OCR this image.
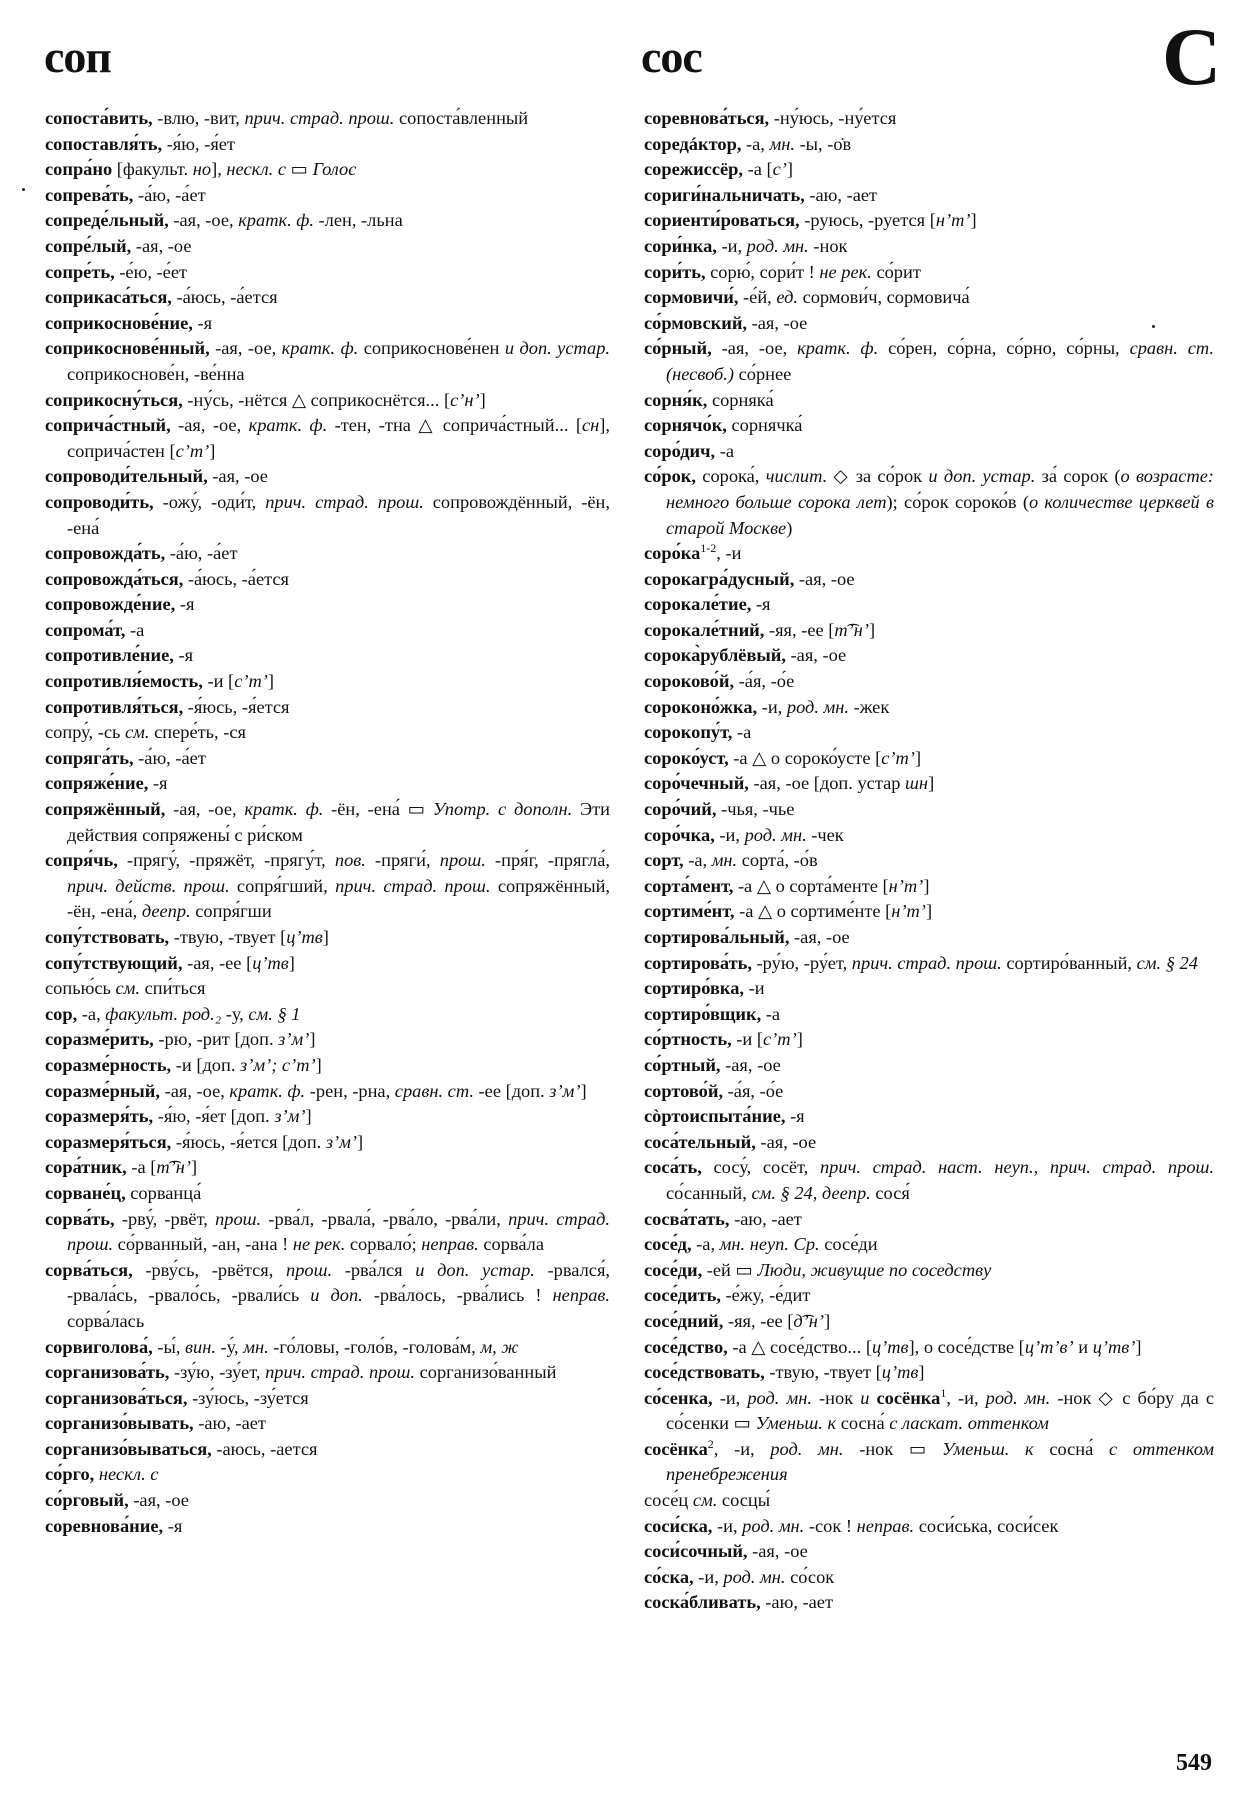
соп	сос	С

сопоста́вить, -влю, -вит, прич. страд. прош. сопоста́вленный

сопоставля́ть, -я́ю, -я́ет

сопра́но [факульт. но], нескл. с ▭ Голос

сопрева́ть, -а́ю, -а́ет

сопреде́льный, -ая, -ое, кратк. ф. -лен, -льна

сопре́лый, -ая, -ое

сопре́ть, -е́ю, -е́ет

соприкаса́ться, -а́юсь, -а́ется

соприкоснове́ние, -я

соприкоснове́нный, -ая, -ое, кратк. ф. соприкоснове́нен и доп. устар. соприкоснове́н, -ве́нна

соприкосну́ться, -ну́сь, -нётся △ соприкоснётся... [сʼнʼ]

соприча́стный, -ая, -ое, кратк. ф. -тен, -тна △ соприча́стный... [сн], соприча́стен [сʼтʼ]

сопроводи́тельный, -ая, -ое

сопроводи́ть, -ожу́, -оди́т, прич. страд. прош. сопровождённый, -ён, -ена́

сопровожда́ть, -а́ю, -а́ет

сопровожда́ться, -а́юсь, -а́ется

сопровожде́ние, -я

сопрома́т, -а

сопротивле́ние, -я

сопротивля́емость, -и [сʼтʼ]

сопротивля́ться, -я́юсь, -я́ется

сопру́, -сь см. спере́ть, -ся

сопряга́ть, -а́ю, -а́ет

сопряже́ние, -я

сопряжённый, -ая, -ое, кратк. ф. -ён, -ена́ ▭ Употр. с дополн. Эти действия сопряжены́ с ри́ском

сопря́чь, -прягу́, -пряжёт, -прягу́т, пов. -пряги́, прош. -пря́г, -прягла́, прич. действ. прош. сопря́гший, прич. страд. прош. сопряжённый, -ён, -ена́, деепр. сопря́гши

сопу́тствовать, -твую, -твует [цʼтв]

сопу́тствующий, -ая, -ее [цʼтв]

сопью́сь см. спи́ться

сор, -а, факульт. род.₂ -у, см. § 1

соразме́рить, -рю, -рит [доп. зʼмʼ]

соразме́рность, -и [доп. зʼмʼ; сʼтʼ]

соразме́рный, -ая, -ое, кратк. ф. -рен, -рна, сравн. ст. -ее [доп. зʼмʼ]

соразмеря́ть, -я́ю, -я́ет [доп. зʼмʼ]

соразмеря́ться, -я́юсь, -я́ется [доп. зʼмʼ]

сора́тник, -а [т͡ʼнʼ]

сорване́ц, сорванца́

сорва́ть, -рву́, -рвёт, прош. -рва́л, -рвала́, -рва́ло, -рва́ли, прич. страд. прош. со́рванный, -ан, -ана ! не рек. сорвало́; неправ. сорва́ла

сорва́ться, -рву́сь, -рвётся, прош. -рва́лся и доп. устар. -рвался́, -рвала́сь, -рвало́сь, -рвали́сь и доп. -рва́лось, -рва́лись ! неправ. сорва́лась

сорвиголова́, -ы́, вин. -у́, мн. -го́ловы, -голо́в, -голова́м, м, ж

сорганизова́ть, -зу́ю, -зу́ет, прич. страд. прош. сорганизо́ванный

сорганизова́ться, -зу́юсь, -зу́ется

сорганизо́вывать, -аю, -ает

сорганизо́вываться, -аюсь, -ается

со́рго, нескл. с

со́рговый, -ая, -ое

соревнова́ние, -я

соревнова́ться, -ну́юсь, -ну́ется

соредáктор, -а, мн. -ы, -о̇в

сорежиссёр, -а [сʼ]

сориги́нальничать, -аю, -ает

сориенти́роваться, -руюсь, -руется [нʼтʼ]

сори́нка, -и, род. мн. -нок

сори́ть, сорю́, сори́т ! не рек. со́рит

сормовичи́, -е́й, ед. сормови́ч, сормовича́

со́рмовский, -ая, -ое

со́рный, -ая, -ое, кратк. ф. со́рен, со́рна, со́рно, со́рны, сравн. ст. (несвоб.) со́рнее

сорня́к, сорняка́

сорнячо́к, сорнячка́

соро́дич, -а

со́рок, сорока́, числит. ◇ за со́рок и доп. устар. за́ сорок (о возрасте: немного больше сорока лет); со́рок сороко́в (о количестве церквей в старой Москве)

$соро́ка^{1-2}$, -и

сорокагра́дусный, -ая, -ое

сорокале́тие, -я

сорокале́тний, -яя, -ее [т͡ʼнʼ]

сорока̀рублёвый, -ая, -ое

сороково́й, -а́я, -о́е

сороконо́жка, -и, род. мн. -жек

сорокопу́т, -а

сороко́уст, -а △ о сороко́усте [сʼтʼ]

соро́чечный, -ая, -ое [доп. устар шн]

соро́чий, -чья, -чье

соро́чка, -и, род. мн. -чек

сорт, -а, мн. сорта́, -о́в

сорта́мент, -а △ о сорта́менте [нʼтʼ]

сортиме́нт, -а △ о сортиме́нте [нʼтʼ]

сортирова́льный, -ая, -ое

сортирова́ть, -ру́ю, -ру́ет, прич. страд. прош. сортиро́ванный, см. § 24

сортиро́вка, -и

сортиро́вщик, -а

со́ртность, -и [сʼтʼ]

со́ртный, -ая, -ое

сортово́й, -а́я, -о́е

сòртоиспыта́ние, -я

соса́тельный, -ая, -ое

соса́ть, сосу́, сосёт, прич. страд. наст. неуп., прич. страд. прош. со́санный, см. § 24, деепр. сося́

сосва́тать, -аю, -ает

сосе́д, -а, мн. неуп. Ср. сосе́ди

сосе́ди, -ей ▭ Люди, живущие по соседству

сосе́дить, -е́жу, -е́дит

сосе́дний, -яя, -ее [д͡ʼнʼ]

сосе́дство, -а △ сосе́дство... [цʼтв], о сосе́дстве [цʼтʼвʼ и цʼтвʼ]

сосе́дствовать, -твую, -твует [цʼтв]

со́сенка, -и, род. мн. -нок и сосёнка$^1$, -и, род. мн. -нок ◇ с бо́ру да с со́сенки ▭ Уменьш. к сосна́ с ласкат. оттенком

сосёнка$^2$, -и, род. мн. -нок ▭ Уменьш. к сосна́ с оттенком пренебрежения

сосе́ц см. сосцы́

соси́ска, -и, род. мн. -сок ! неправ. соси́ська, соси́сек

соси́сочный, -ая, -ое

со́ска, -и, род. мн. со́сок

соска́бливать, -аю, -ает

549
